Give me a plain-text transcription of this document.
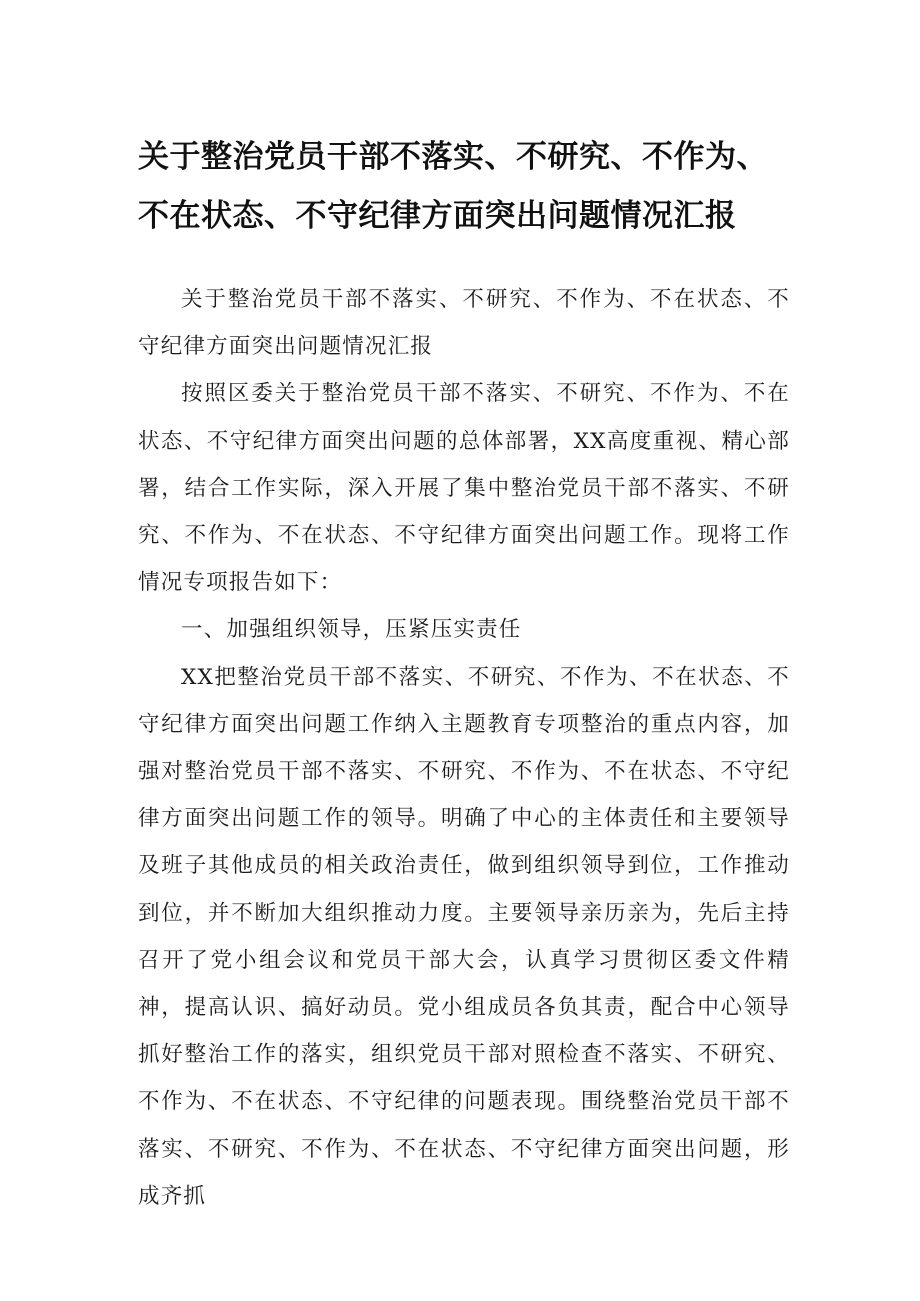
关于整治党员干部不落实、不研究、不作为、不在状态、不守纪律方面突出问题情况汇报

关于整治党员干部不落实、不研究、不作为、不在状态、不守纪律方面突出问题情况汇报

按照区委关于整治党员干部不落实、不研究、不作为、不在状态、不守纪律方面突出问题的总体部署，XX高度重视、精心部署，结合工作实际，深入开展了集中整治党员干部不落实、不研究、不作为、不在状态、不守纪律方面突出问题工作。现将工作情况专项报告如下：

一、加强组织领导，压紧压实责任

XX把整治党员干部不落实、不研究、不作为、不在状态、不守纪律方面突出问题工作纳入主题教育专项整治的重点内容，加强对整治党员干部不落实、不研究、不作为、不在状态、不守纪律方面突出问题工作的领导。明确了中心的主体责任和主要领导及班子其他成员的相关政治责任，做到组织领导到位，工作推动到位，并不断加大组织推动力度。主要领导亲历亲为，先后主持召开了党小组会议和党员干部大会，认真学习贯彻区委文件精神，提高认识、搞好动员。党小组成员各负其责，配合中心领导抓好整治工作的落实，组织党员干部对照检查不落实、不研究、不作为、不在状态、不守纪律的问题表现。围绕整治党员干部不落实、不研究、不作为、不在状态、不守纪律方面突出问题，形成齐抓
